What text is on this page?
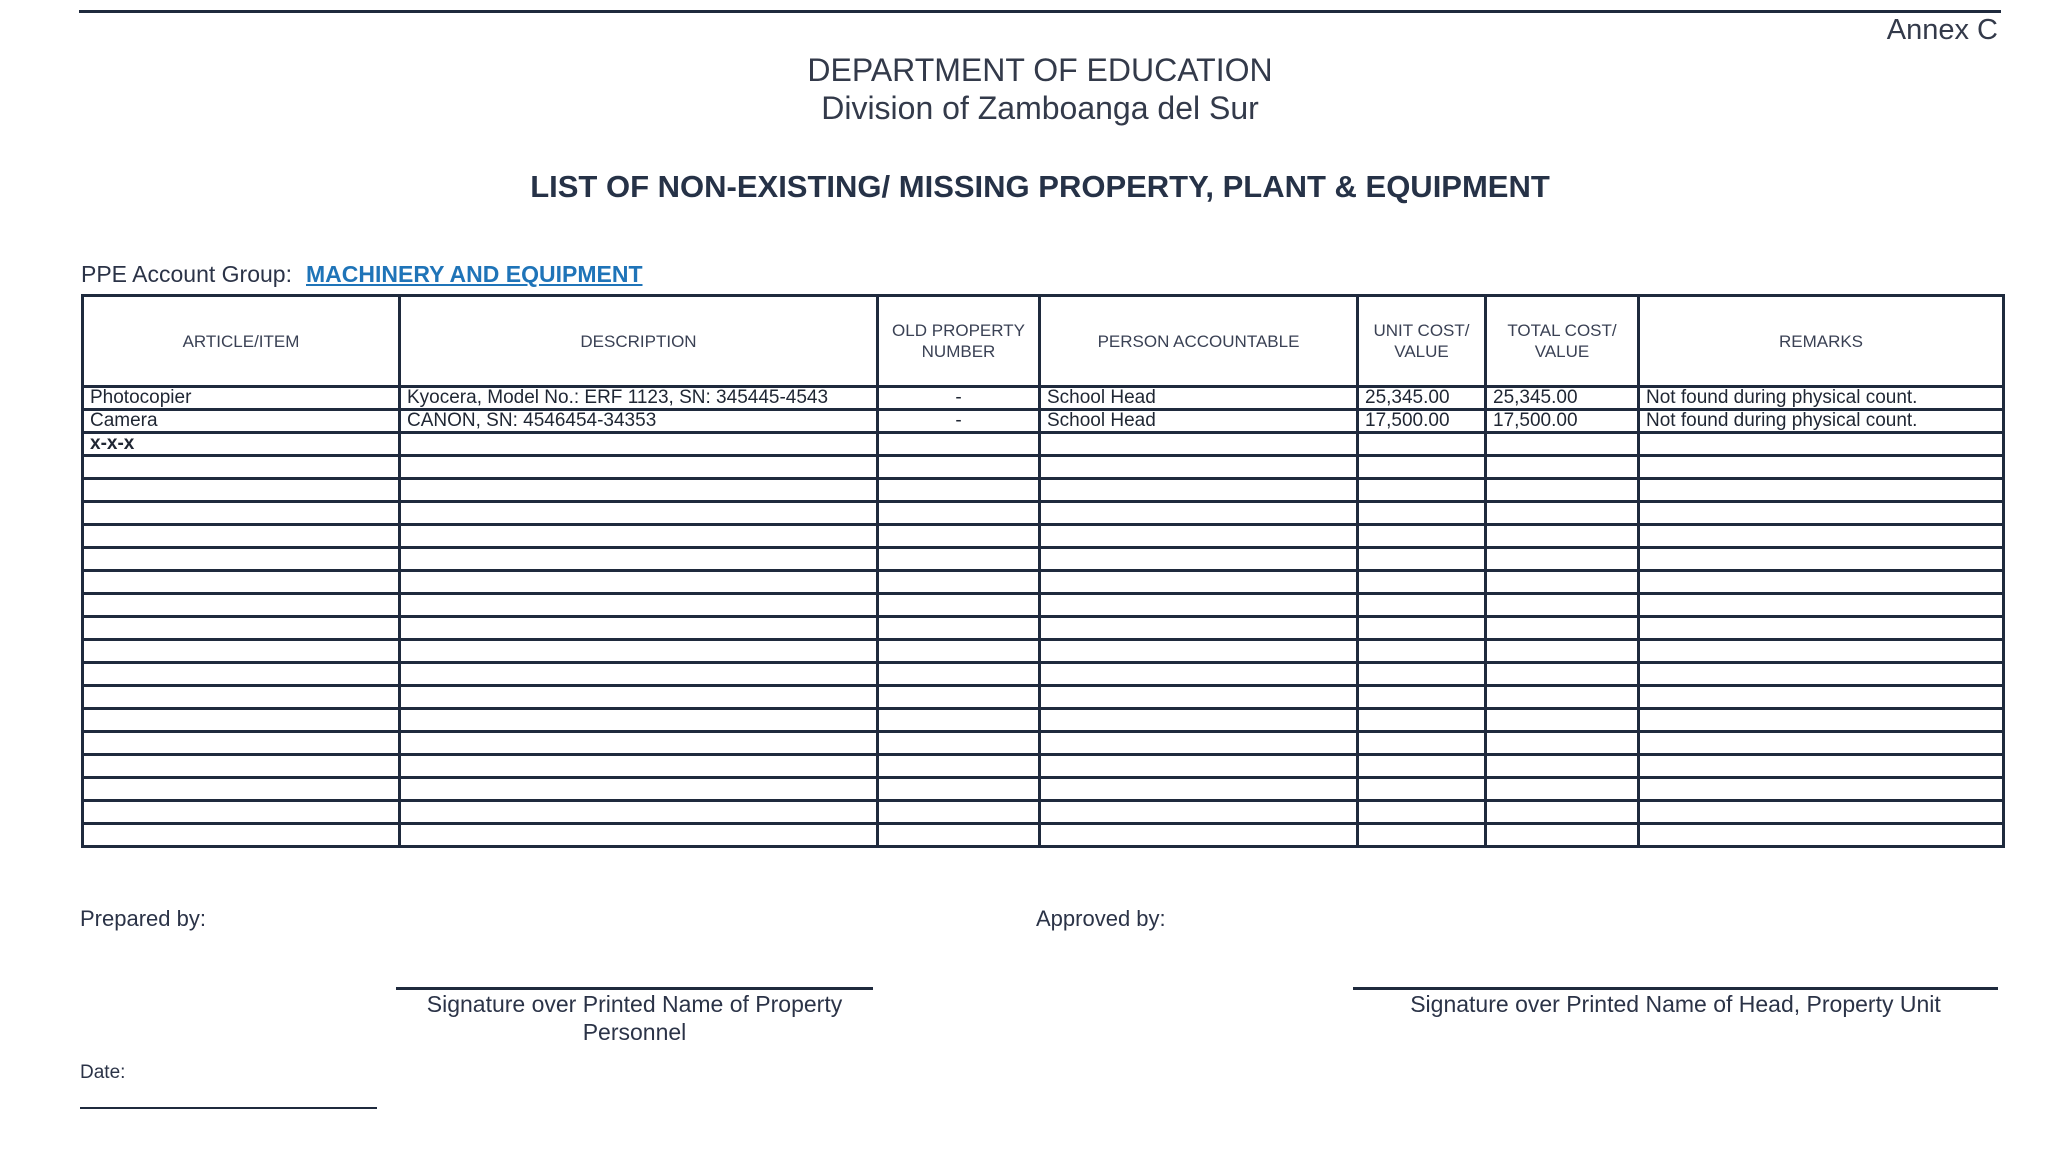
Annex C
DEPARTMENT OF EDUCATION
Division of Zamboanga del Sur
LIST OF NON-EXISTING/ MISSING PROPERTY, PLANT & EQUIPMENT
PPE Account Group: MACHINERY AND EQUIPMENT
ARTICLE/ITEM	DESCRIPTION	OLD PROPERTY NUMBER	PERSON ACCOUNTABLE	UNIT COST/ VALUE	TOTAL COST/ VALUE	REMARKS
Photocopier	Kyocera, Model No.: ERF 1123, SN: 345445-4543	-	School Head	25,345.00	25,345.00	Not found during physical count.
Camera	CANON, SN: 4546454-34353	-	School Head	17,500.00	17,500.00	Not found during physical count.
x-x-x						

Prepared by:	Approved by:
Signature over Printed Name of Property Personnel
Signature over Printed Name of Head, Property Unit
Date:
